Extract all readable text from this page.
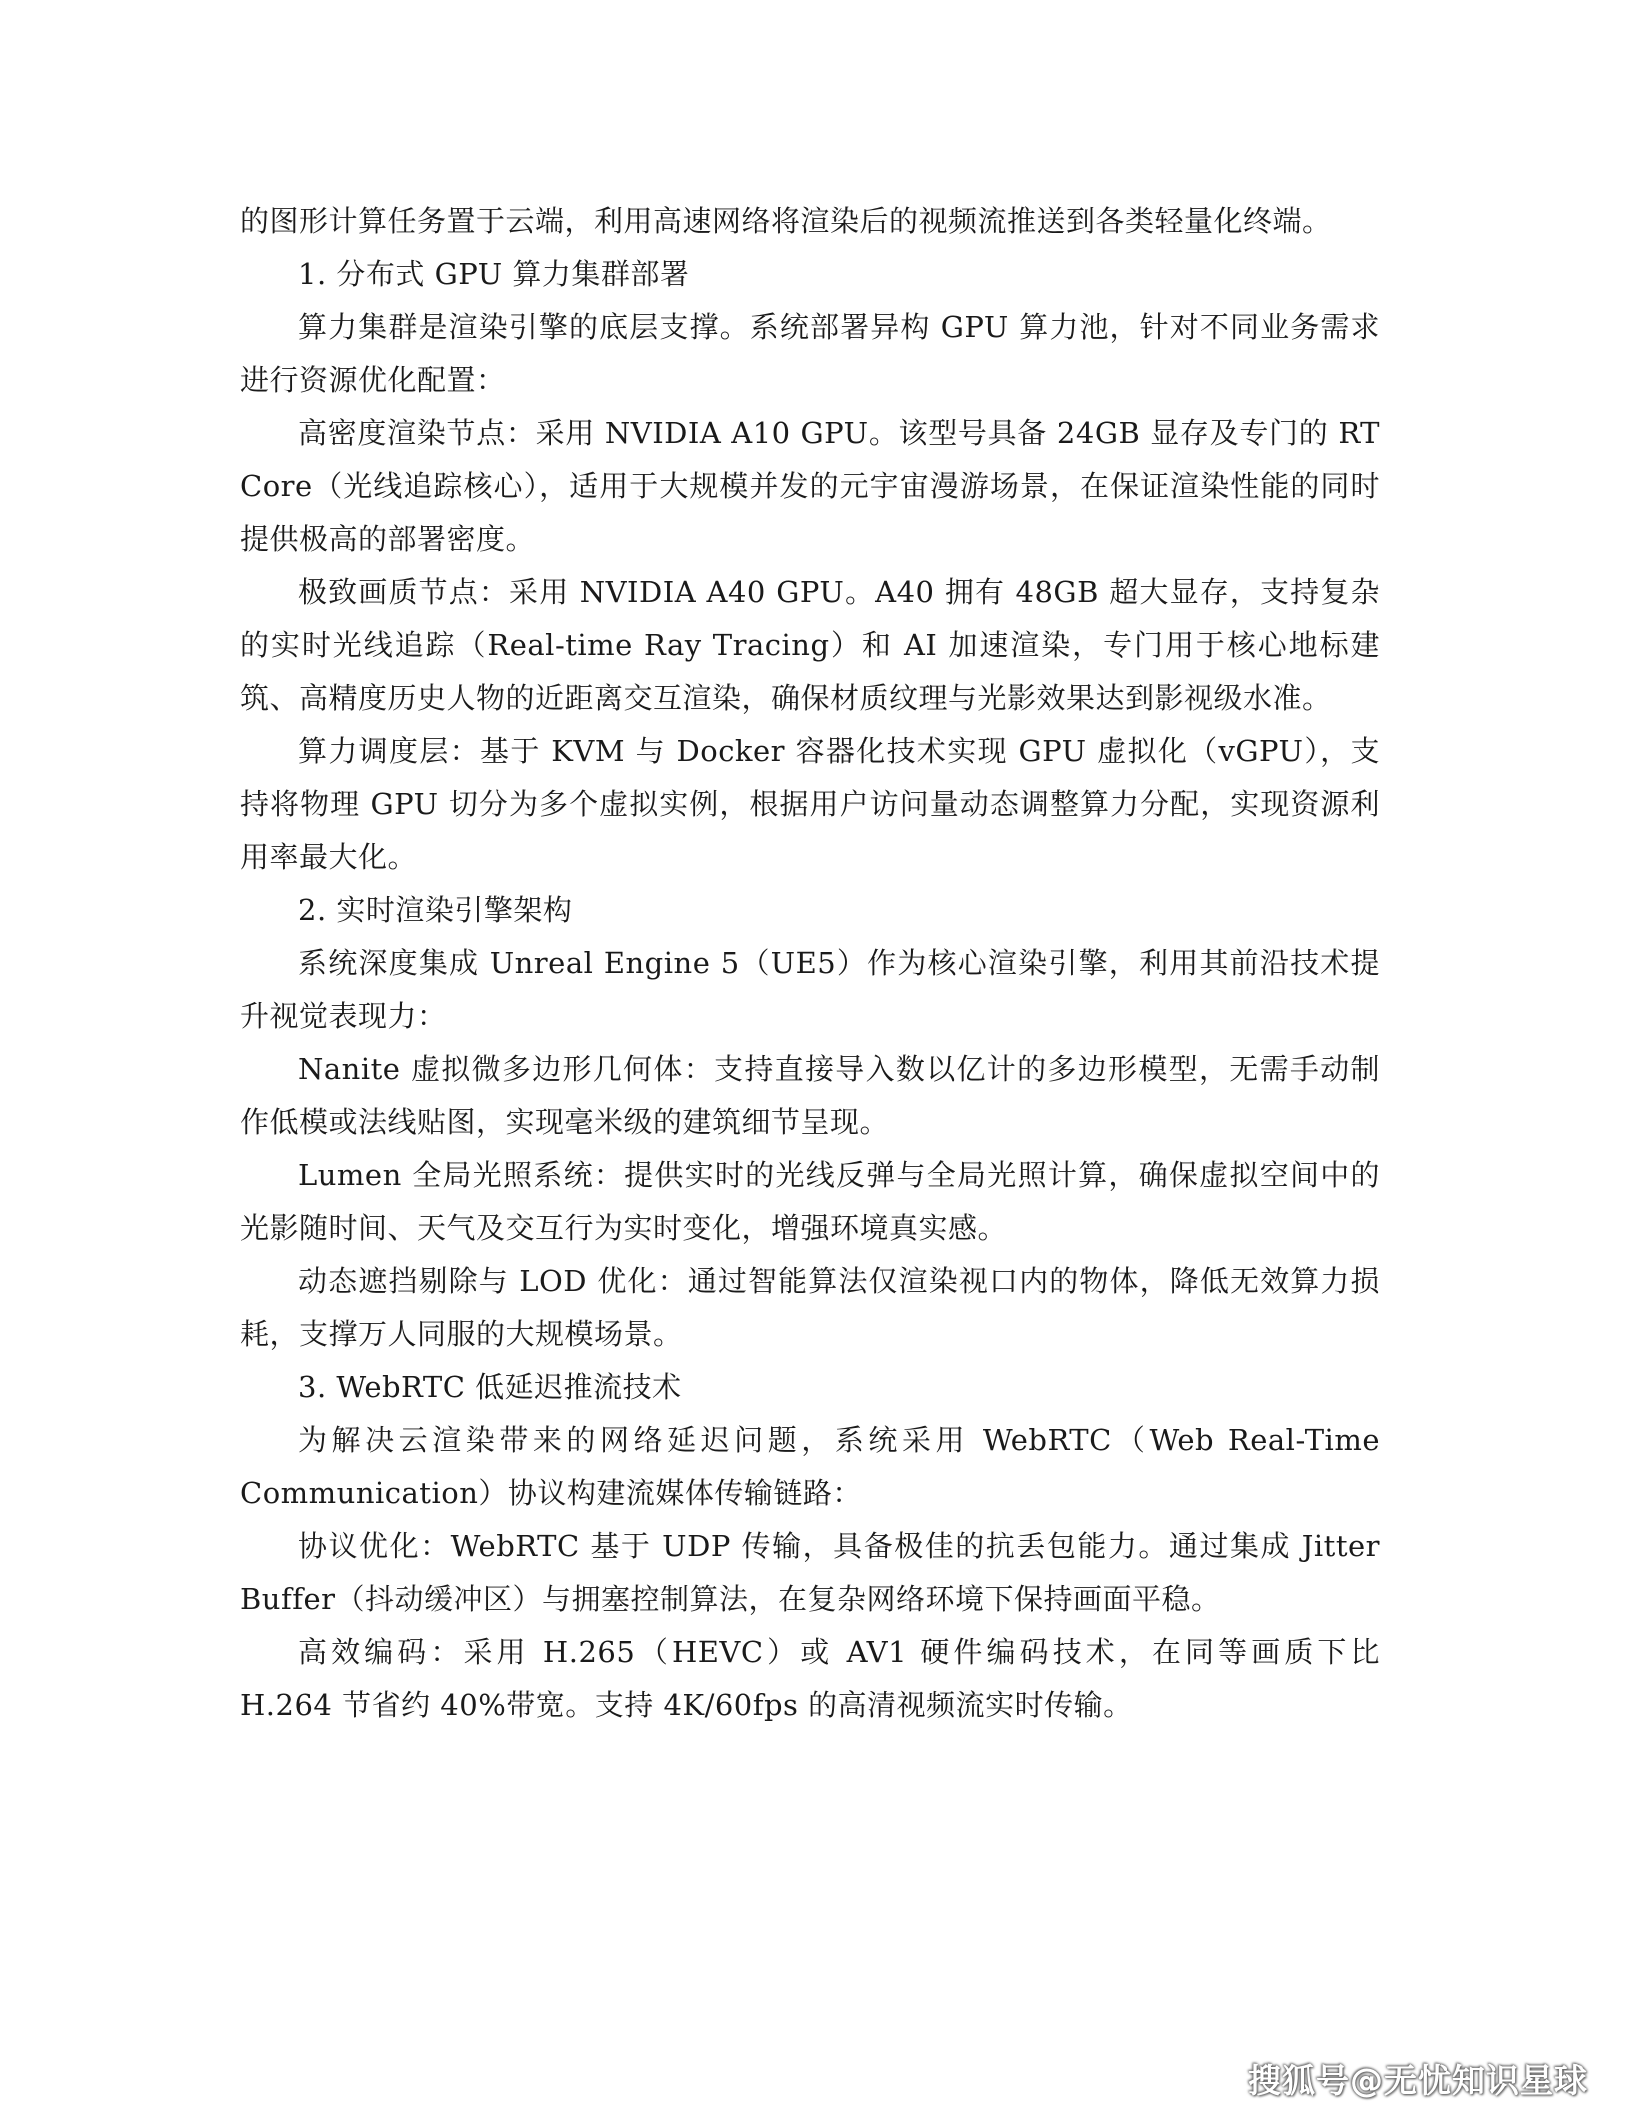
的图形计算任务置于云端，利用高速网络将渲染后的视频流推送到各类轻量化终端。

1. 分布式 GPU 算力集群部署

算力集群是渲染引擎的底层支撑。系统部署异构 GPU 算力池，针对不同业务需求进行资源优化配置：

高密度渲染节点：采用 NVIDIA A10 GPU。该型号具备 24GB 显存及专门的 RT Core（光线追踪核心），适用于大规模并发的元宇宙漫游场景，在保证渲染性能的同时提供极高的部署密度。

极致画质节点：采用 NVIDIA A40 GPU。A40 拥有 48GB 超大显存，支持复杂的实时光线追踪（Real-time Ray Tracing）和 AI 加速渲染，专门用于核心地标建筑、高精度历史人物的近距离交互渲染，确保材质纹理与光影效果达到影视级水准。

算力调度层：基于 KVM 与 Docker 容器化技术实现 GPU 虚拟化（vGPU），支持将物理 GPU 切分为多个虚拟实例，根据用户访问量动态调整算力分配，实现资源利用率最大化。

2. 实时渲染引擎架构

系统深度集成 Unreal Engine 5（UE5）作为核心渲染引擎，利用其前沿技术提升视觉表现力：

Nanite 虚拟微多边形几何体：支持直接导入数以亿计的多边形模型，无需手动制作低模或法线贴图，实现毫米级的建筑细节呈现。

Lumen 全局光照系统：提供实时的光线反弹与全局光照计算，确保虚拟空间中的光影随时间、天气及交互行为实时变化，增强环境真实感。

动态遮挡剔除与 LOD 优化：通过智能算法仅渲染视口内的物体，降低无效算力损耗，支撑万人同服的大规模场景。

3. WebRTC 低延迟推流技术

为解决云渲染带来的网络延迟问题，系统采用 WebRTC（Web Real-Time Communication）协议构建流媒体传输链路：

协议优化：WebRTC 基于 UDP 传输，具备极佳的抗丢包能力。通过集成 Jitter Buffer（抖动缓冲区）与拥塞控制算法，在复杂网络环境下保持画面平稳。

高效编码：采用 H.265（HEVC）或 AV1 硬件编码技术，在同等画质下比 H.264 节省约 40%带宽。支持 4K/60fps 的高清视频流实时传输。

搜狐号@无忧知识星球
